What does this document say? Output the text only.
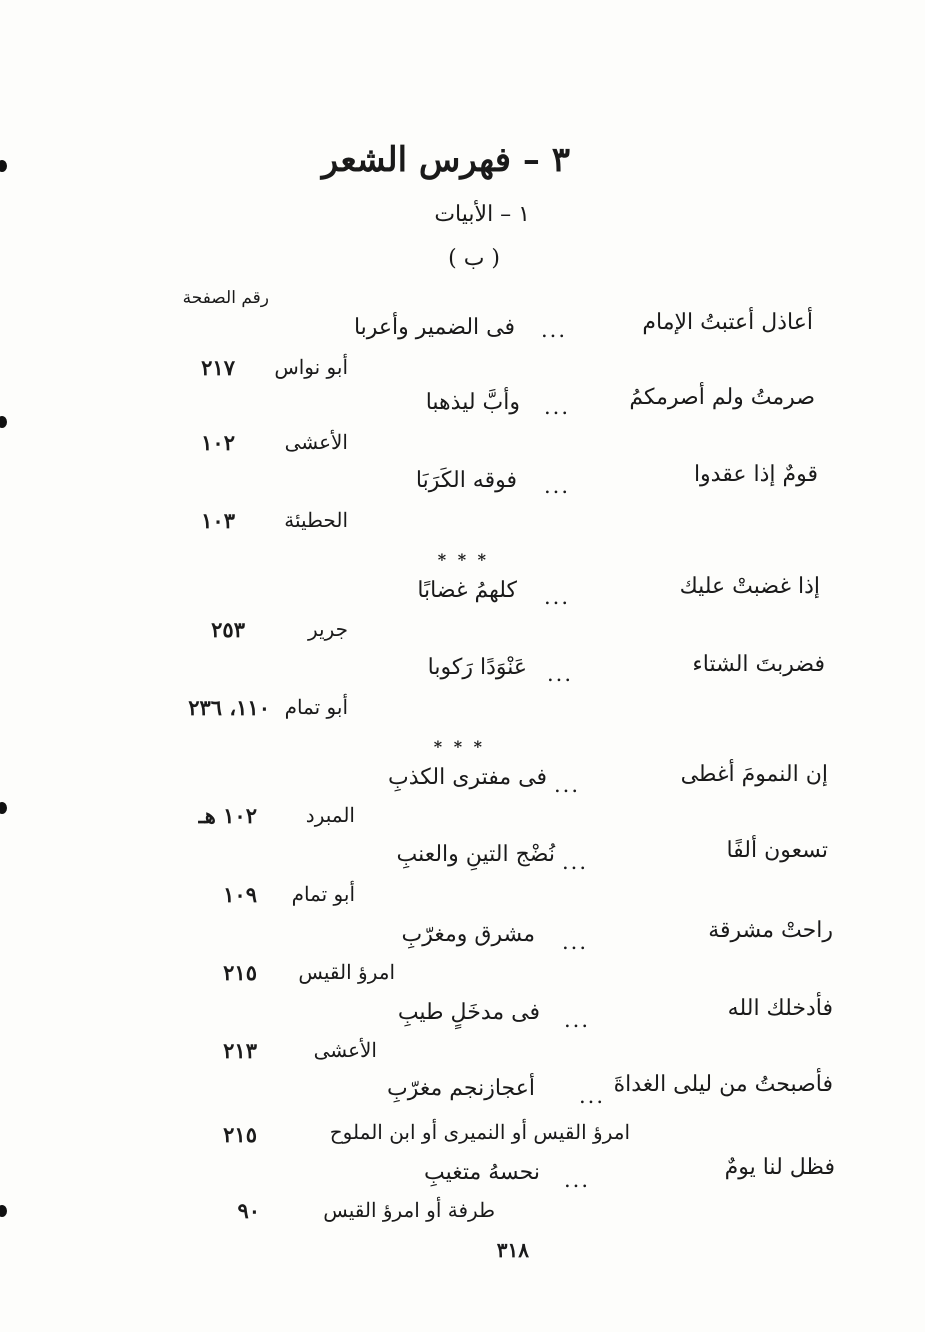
٣ – فهرس الشعر
١ – الأبيات
( ب )
رقم الصفحة
أعاذل أعتبتُ الإمام
...
فى الضمير وأعربا
أبو نواس
٢١٧
صرمتُ ولم أصرمكمُ
...
وأبَّ ليذهبا
الأعشى
١٠٢
قومٌ إذا عقدوا
...
فوقه الكَرَبَا
الحطيئة
١٠٣
* * *
إذا غضبتْ عليك
...
كلهمُ غضابًا
جرير
٢٥٣
فضربتَ الشتاء
...
عَنْوَدًا رَكوبا
أبو تمام
١١٠، ٢٣٦
* * *
إن النمومَ أغطى
...
فى مفترى الكذبِ
المبرد
١٠٢ هـ
تسعون ألفًا
...
نُضْج التينِ والعنبِ
أبو تمام
١٠٩
راحتْ مشرقة
...
مشرق ومغرّبِ
امرؤ القيس
٢١٥
فأدخلك الله
...
فى مدخَلٍ طيبِ
الأعشى
٢١٣
فأصبحتُ من ليلى الغداةَ
...
أعجازنجم مغرّبِ
امرؤ القيس أو النميرى أو ابن الملوح
٢١٥
فظل لنا يومٌ
...
نحسهُ متغيبِ
طرفة أو امرؤ القيس
٩٠
٣١٨
